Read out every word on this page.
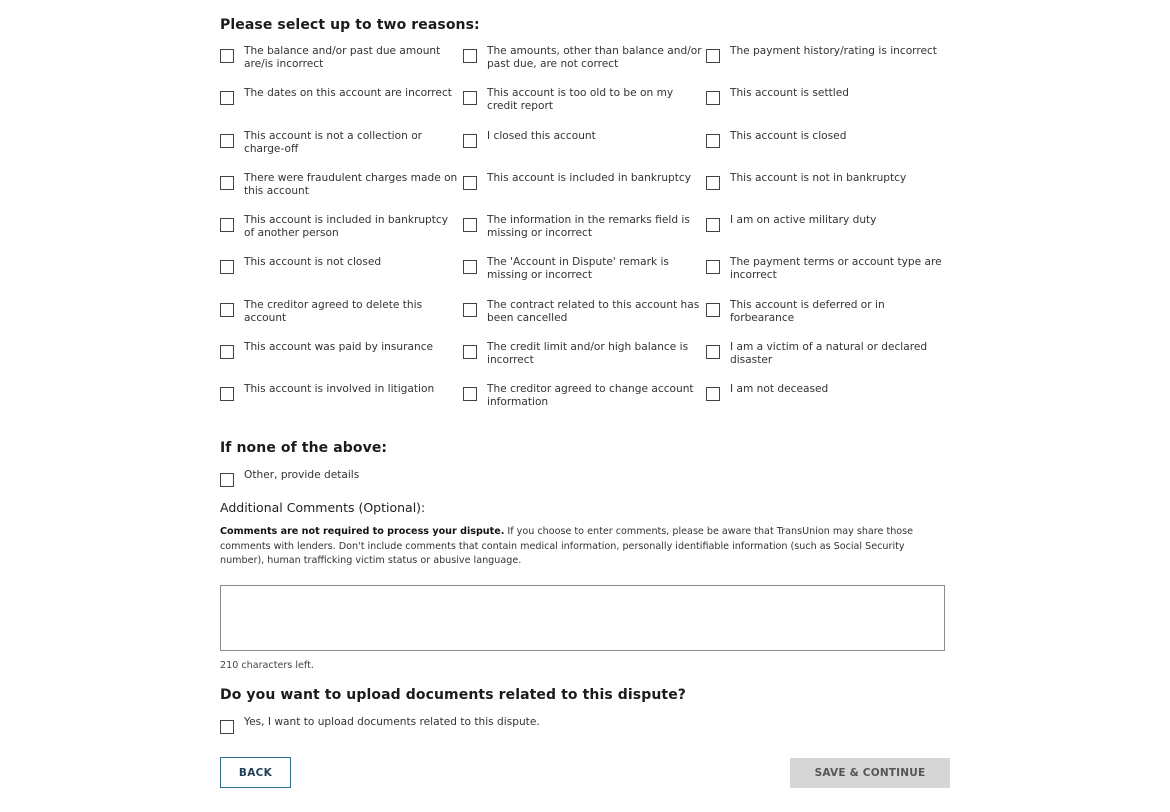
Please select up to two reasons:
The balance and/or past due amount are/is incorrect
The amounts, other than balance and/or past due, are not correct
The payment history/rating is incorrect
The dates on this account are incorrect	This account is too old to be on my credit report
This account is settled
This account is not a collection or charge-off
I closed this account	This account is closed
There were fraudulent charges made on this account
This account is included in bankruptcy	This account is not in bankruptcy
This account is included in bankruptcy of another person
The information in the remarks field is missing or incorrect
I am on active military duty
This account is not closed	The 'Account in Dispute' remark is missing or incorrect
The payment terms or account type are incorrect
The creditor agreed to delete this account
The contract related to this account has been cancelled
This account is deferred or in forbearance
This account was paid by insurance	The credit limit and/or high balance is incorrect
I am a victim of a natural or declared disaster
This account is involved in litigation	The creditor agreed to change account information
I am not deceased
If none of the above:
Other, provide details

Additional Comments (Optional):

Comments are not required to process your dispute. If you choose to enter comments, please be aware that TransUnion may share those comments with lenders. Don't include comments that contain medical information, personally identifiable information (such as Social Security number), human trafficking victim status or abusive language.

210 characters left.

Do you want to upload documents related to this dispute?
Yes, I want to upload documents related to this dispute.
BACK	SAVE & CONTINUE
